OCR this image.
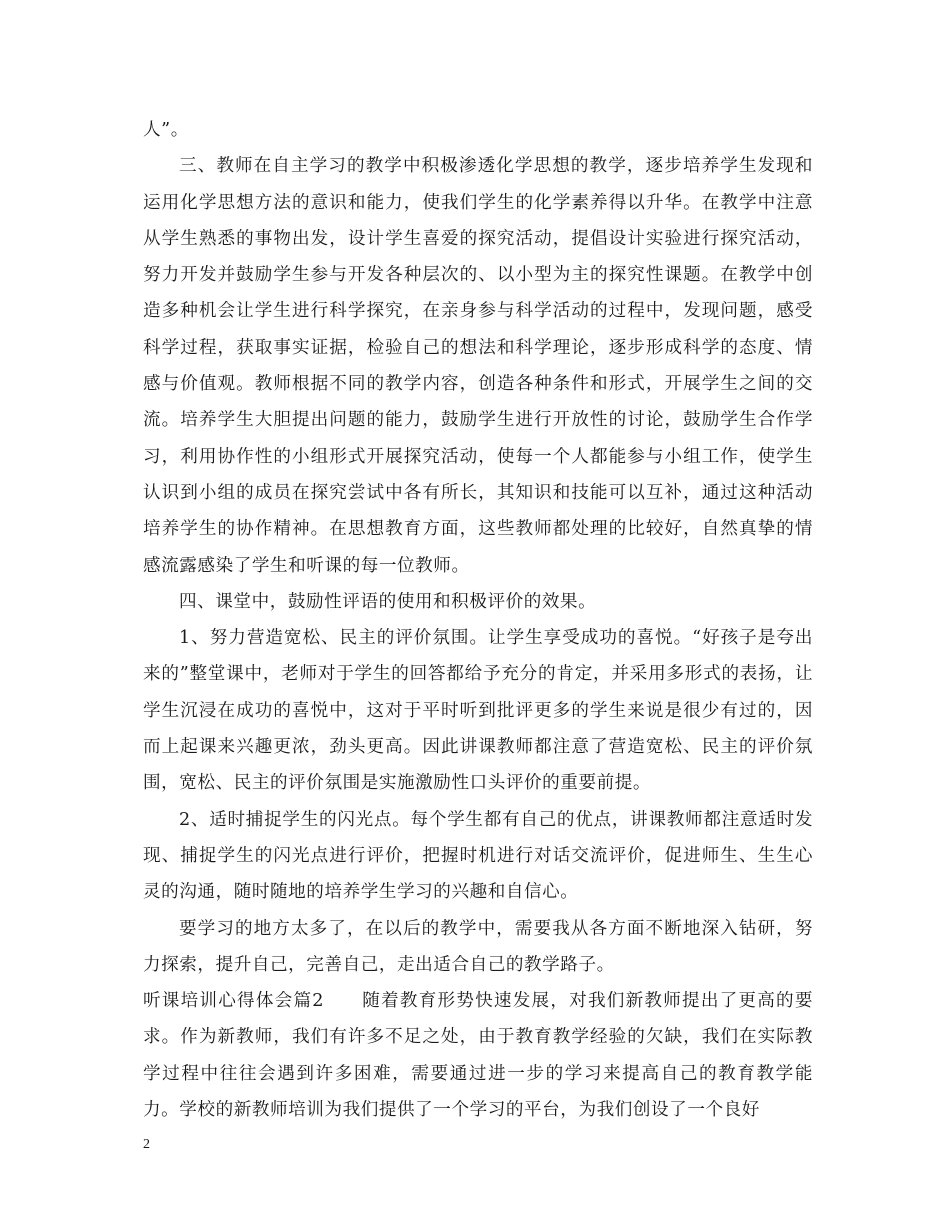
人”。

三、教师在自主学习的教学中积极渗透化学思想的教学，逐步培养学生发现和运用化学思想方法的意识和能力，使我们学生的化学素养得以升华。在教学中注意从学生熟悉的事物出发，设计学生喜爱的探究活动，提倡设计实验进行探究活动，努力开发并鼓励学生参与开发各种层次的、以小型为主的探究性课题。在教学中创造多种机会让学生进行科学探究，在亲身参与科学活动的过程中，发现问题，感受科学过程，获取事实证据，检验自己的想法和科学理论，逐步形成科学的态度、情感与价值观。教师根据不同的教学内容，创造各种条件和形式，开展学生之间的交流。培养学生大胆提出问题的能力，鼓励学生进行开放性的讨论，鼓励学生合作学习，利用协作性的小组形式开展探究活动，使每一个人都能参与小组工作，使学生认识到小组的成员在探究尝试中各有所长，其知识和技能可以互补，通过这种活动培养学生的协作精神。在思想教育方面，这些教师都处理的比较好，自然真挚的情感流露感染了学生和听课的每一位教师。

四、课堂中，鼓励性评语的使用和积极评价的效果。

1、努力营造宽松、民主的评价氛围。让学生享受成功的喜悦。“好孩子是夸出来的”整堂课中，老师对于学生的回答都给予充分的肯定，并采用多形式的表扬，让学生沉浸在成功的喜悦中，这对于平时听到批评更多的学生来说是很少有过的，因而上起课来兴趣更浓，劲头更高。因此讲课教师都注意了营造宽松、民主的评价氛围，宽松、民主的评价氛围是实施激励性口头评价的重要前提。

2、适时捕捉学生的闪光点。每个学生都有自己的优点，讲课教师都注意适时发现、捕捉学生的闪光点进行评价，把握时机进行对话交流评价，促进师生、生生心灵的沟通，随时随地的培养学生学习的兴趣和自信心。

要学习的地方太多了，在以后的教学中，需要我从各方面不断地深入钻研，努力探索，提升自己，完善自己，走出适合自己的教学路子。

听课培训心得体会篇2　　随着教育形势快速发展，对我们新教师提出了更高的要求。作为新教师，我们有许多不足之处，由于教育教学经验的欠缺，我们在实际教学过程中往往会遇到许多困难，需要通过进一步的学习来提高自己的教育教学能力。学校的新教师培训为我们提供了一个学习的平台，为我们创设了一个良好

2
